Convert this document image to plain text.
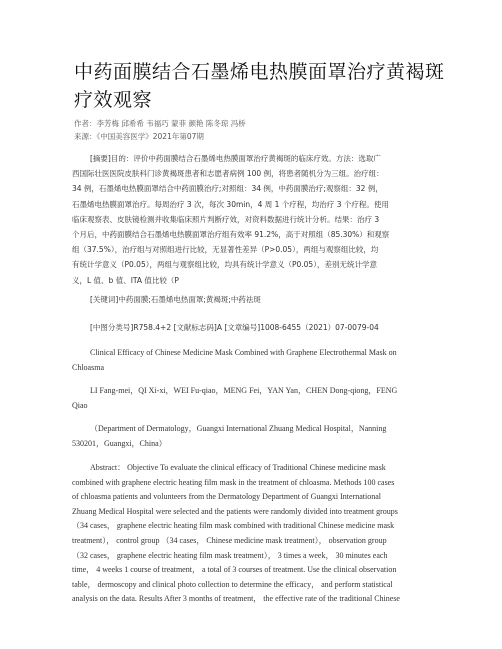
中药面膜结合石墨烯电热膜面罩治疗黄褐斑
疗效观察
作者：李芳梅 邱希希 韦福巧 蒙菲 颜艳 陈冬琼 冯桥
来源：《中国美容医学》2021年第07期
[摘要]目的：评价中药面膜结合石墨烯电热膜面罩治疗黄褐斑的临床疗效。方法：选取广
西国际壮医医院皮肤科门诊黄褐斑患者和志愿者病例 100 例，将患者随机分为三组。治疗组：
34 例，石墨烯电热膜面罩结合中药面膜治疗;对照组：34 例，中药面膜治疗;观察组：32 例，
石墨烯电热膜面罩治疗。每周治疗 3 次，每次 30min，4 周 1 个疗程，均治疗 3 个疗程。使用
临床观察表、皮肤镜检测并收集临床照片判断疗效，对资料数据进行统计分析。结果：治疗 3
个月后，中药面膜结合石墨烯电热膜面罩治疗组有效率 91.2%，高于对照组（85.30%）和观察
组（37.5%），治疗组与对照组进行比较，无显著性差异（P>0.05），两组与观察组比较，均
有统计学意义（P0.05），两组与观察组比较，均具有统计学意义（P0.05），差别无统计学意
义，L 值、b 值、ITA 值比较（P
[关键词]中药面膜;石墨烯电热面罩;黄褐斑;中药祛斑
[中图分类号]R758.4+2 [文献标志码]A [文章编号]1008-6455（2021）07-0079-04
Clinical Efficacy of Chinese Medicine Mask Combined with Graphene Electrothermal Mask on
Chloasma
LI Fang-mei，QI Xi-xi，WEI Fu-qiao，MENG Fei，YAN Yan，CHEN Dong-qiong，FENG
Qiao
（Department of Dermatology，Guangxi International Zhuang Medical Hospital，Nanning
530201，Guangxi，China）
Abstract： Objective To evaluate the clinical efficacy of Traditional Chinese medicine mask
combined with graphene electric heating film mask in the treatment of chloasma. Methods 100 cases
of chloasma patients and volunteers from the Dermatology Department of Guangxi International
Zhuang Medical Hospital were selected and the patients were randomly divided into treatment groups
（34 cases， graphene electric heating film mask combined with traditional Chinese medicine mask
treatment）， control group （34 cases， Chinese medicine mask treatment）， observation group
（32 cases， graphene electric heating film mask treatment）， 3 times a week， 30 minutes each
time， 4 weeks 1 course of treatment， a total of 3 courses of treatment. Use the clinical observation
table， dermoscopy and clinical photo collection to determine the efficacy， and perform statistical
analysis on the data. Results After 3 months of treatment， the effective rate of the traditional Chinese
